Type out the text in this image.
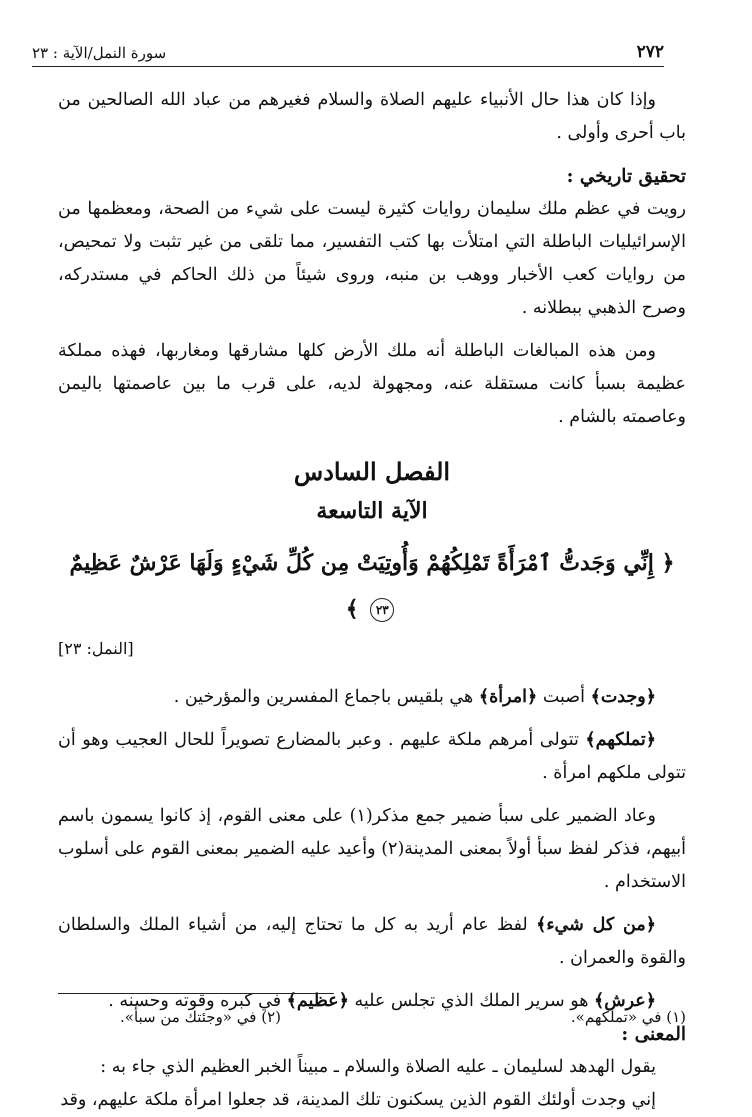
٢٧٢
سورة النمل/الآية : ٢٣

وإذا كان هذا حال الأنبياء عليهم الصلاة والسلام فغيرهم من عباد الله الصالحين من باب أحرى وأولى .

تحقيق تاريخي :

رويت في عظم ملك سليمان روايات كثيرة ليست على شيء من الصحة، ومعظمها من الإسرائيليات الباطلة التي امتلأت بها كتب التفسير، مما تلقى من غير تثبت ولا تمحيص، من روايات كعب الأخبار ووهب بن منبه، وروى شيئاً من ذلك الحاكم في مستدركه، وصرح الذهبي ببطلانه .

ومن هذه المبالغات الباطلة أنه ملك الأرض كلها مشارقها ومغاربها، فهذه مملكة عظيمة بسبأ كانت مستقلة عنه، ومجهولة لديه، على قرب ما بين عاصمتها باليمن وعاصمته بالشام .

الفصل السادس
الآية التاسعة
﴿ إِنِّي وَجَدتُّ ٱمْرَأَةً تَمْلِكُهُمْ وَأُوتِيَتْ مِن كُلِّ شَيْءٍ وَلَهَا عَرْشٌ عَظِيمٌ ٢٣ ﴾

[النمل: ٢٣]

﴿وجدت﴾ أصبت ﴿امرأة﴾ هي بلقيس باجماع المفسرين والمؤرخين .

﴿تملكهم﴾ تتولى أمرهم ملكة عليهم . وعبر بالمضارع تصويراً للحال العجيب وهو أن تتولى ملكهم امرأة .

وعاد الضمير على سبأ ضمير جمع مذكر(١) على معنى القوم، إذ كانوا يسمون باسم أبيهم، فذكر لفظ سبأ أولاً بمعنى المدينة(٢) وأعيد عليه الضمير بمعنى القوم على أسلوب الاستخدام .

﴿من كل شيء﴾ لفظ عام أريد به كل ما تحتاج إليه، من أشياء الملك والسلطان والقوة والعمران .

﴿عرش﴾ هو سرير الملك الذي تجلس عليه ﴿عظيم﴾ في كبره وقوته وحسنه .

المعنى :

يقول الهدهد لسليمان ـ عليه الصلاة والسلام ـ مبيناً الخبر العظيم الذي جاء به :

إني وجدت أولئك القوم الذين يسكنون تلك المدينة، قد جعلوا امرأة ملكة عليهم، وقد

(١) في «تملكهم».
(٢) في «وجئتك من سبأ».
